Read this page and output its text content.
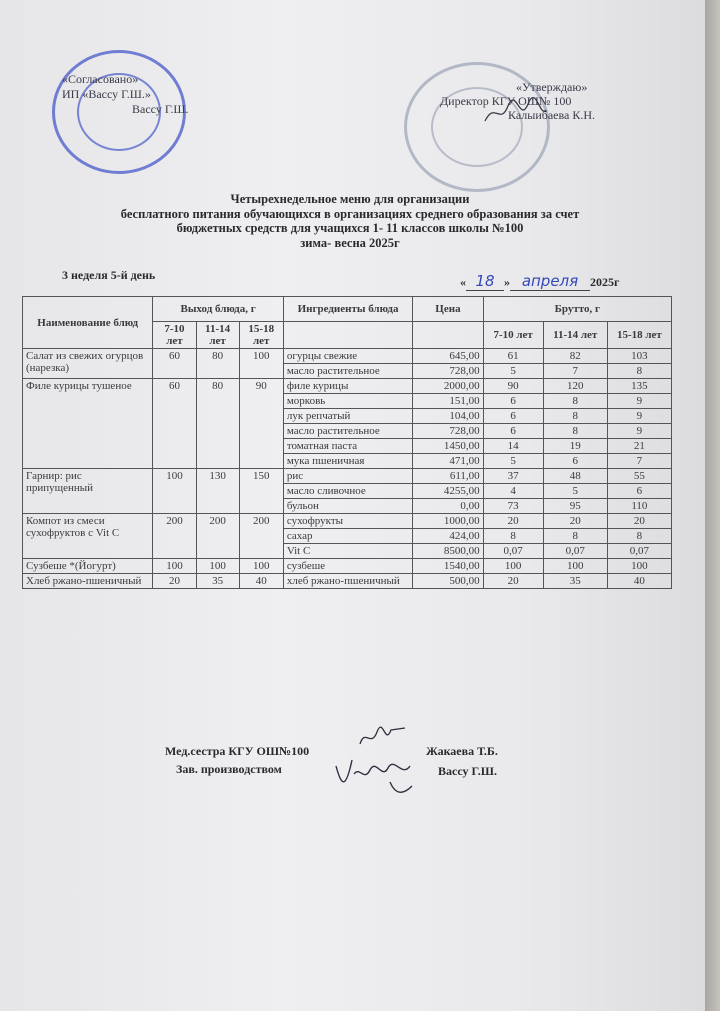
«Согласовано»
ИП «Вассу Г.Ш.»
Вассу Г.Ш.
«Утверждаю»
Директор КГУ ОШ№ 100
Калыибаева К.Н.
Четырехнедельное меню для организации
бесплатного питания обучающихся в организациях среднего образования за счет
бюджетных средств для учащихся 1- 11 классов школы №100
зима- весна 2025г
3 неделя 5-й день	« 18 » апреля 2025г
Наименование блюд	Выход блюда, г			Ингредиенты блюда	Цена	Брутто, г		
	7-10 лет	11-14 лет	15-18 лет			7-10 лет	11-14 лет	15-18 лет
Салат из свежих огурцов (нарезка)	60	80	100	огурцы свежие	645,00	61	82	103
				масло растительное	728,00	5	7	8
Филе курицы тушеное	60	80	90	филе курицы	2000,00	90	120	135
				морковь	151,00	6	8	9
				лук репчатый	104,00	6	8	9
				масло растительное	728,00	6	8	9
				томатная паста	1450,00	14	19	21
				мука пшеничная	471,00	5	6	7
Гарнир: рис припущенный	100	130	150	рис	611,00	37	48	55
				масло сливочное	4255,00	4	5	6
				бульон	0,00	73	95	110
Компот из смеси сухофруктов с Vit C	200	200	200	сухофрукты	1000,00	20	20	20
				сахар	424,00	8	8	8
				Vit C	8500,00	0,07	0,07	0,07
Сузбеше *(Йогурт)	100	100	100	сузбеше	1540,00	100	100	100
Хлеб ржано-пшеничный	20	35	40	хлеб ржано-пшеничный	500,00	20	35	40
Мед.сестра КГУ ОШ№100	Жакаева Т.Б.
Зав. производством	Вассу Г.Ш.
